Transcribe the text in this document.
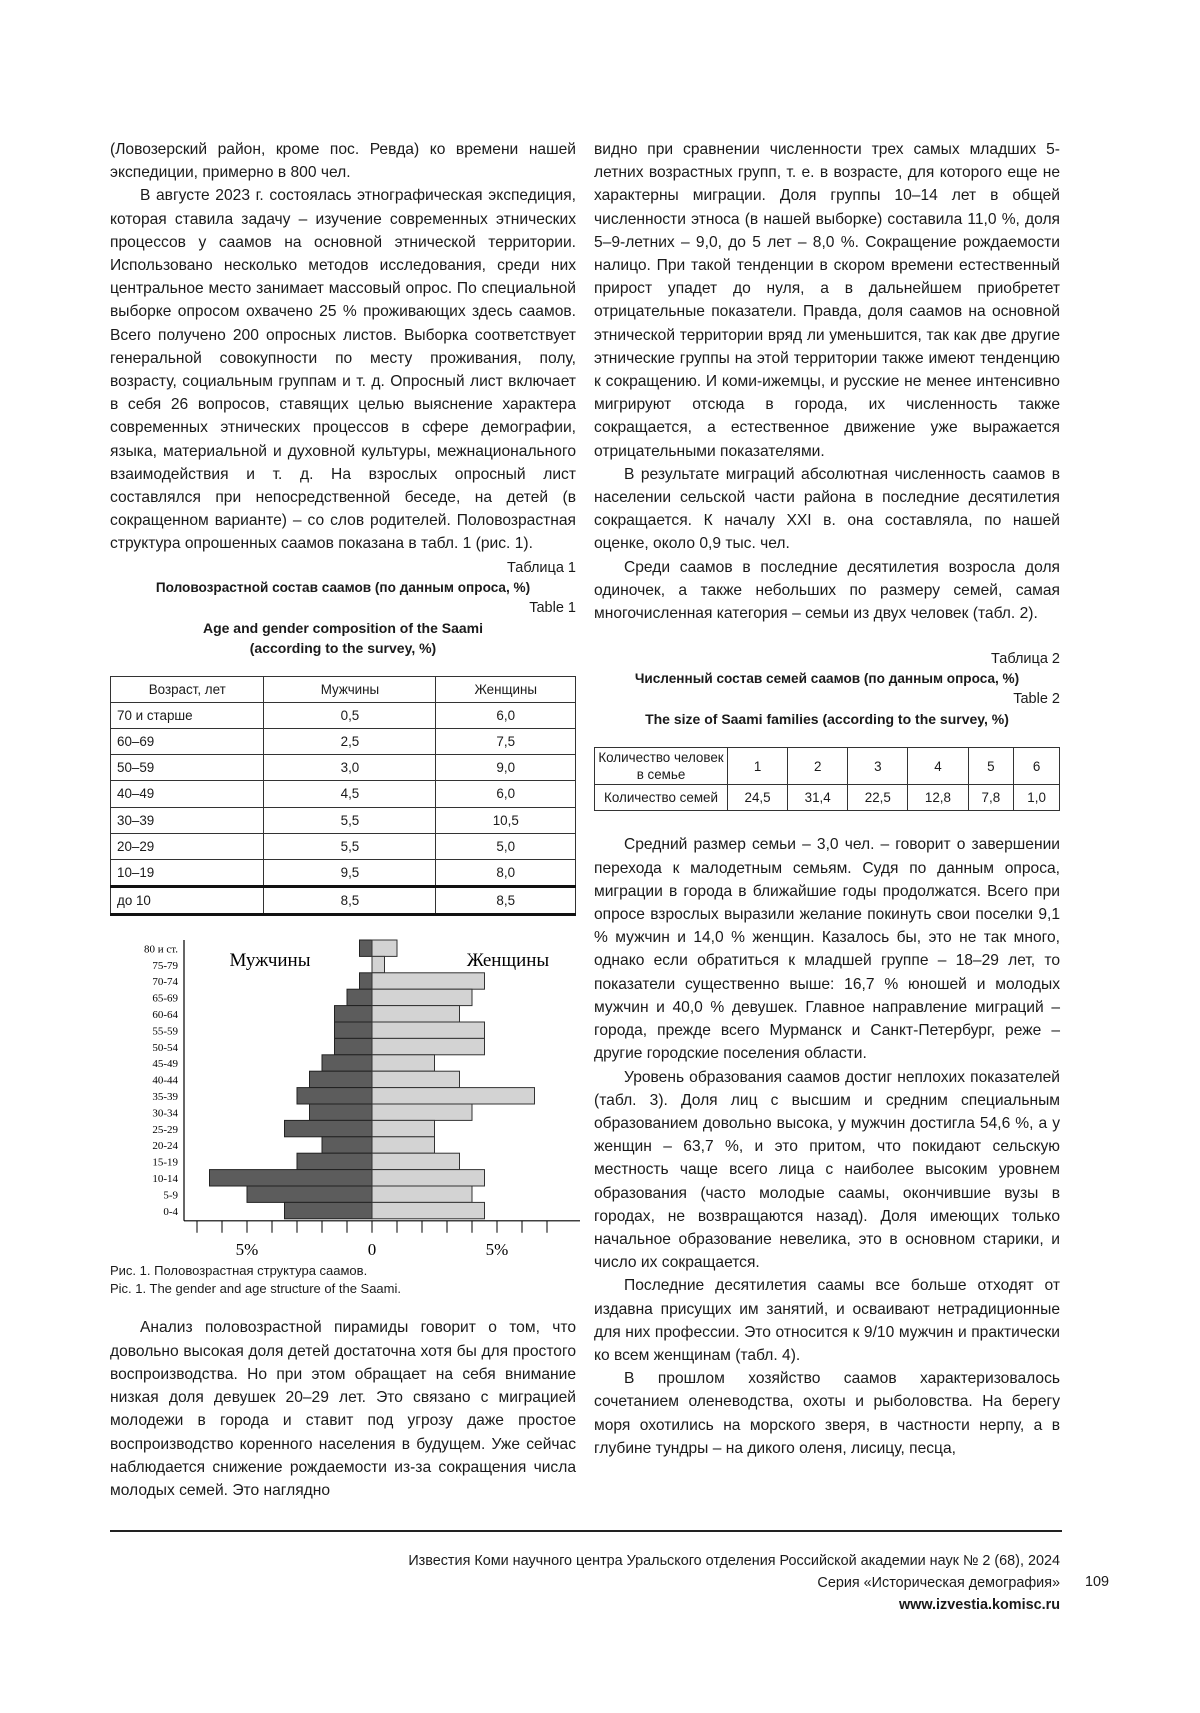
(Ловозерский район, кроме пос. Ревда) ко времени нашей экспедиции, примерно в 800 чел.

В августе 2023 г. состоялась этнографическая экспедиция, которая ставила задачу – изучение современных этнических процессов у саамов на основной этнической территории. Использовано несколько методов исследования, среди них центральное место занимает массовый опрос. По специальной выборке опросом охвачено 25 % проживающих здесь саамов. Всего получено 200 опросных листов. Выборка соответствует генеральной совокупности по месту проживания, полу, возрасту, социальным группам и т. д. Опросный лист включает в себя 26 вопросов, ставящих целью выяснение характера современных этнических процессов в сфере демографии, языка, материальной и духовной культуры, межнационального взаимодействия и т. д. На взрослых опросный лист составлялся при непосредственной беседе, на детей (в сокращенном варианте) – со слов родителей. Половозрастная структура опрошенных саамов показана в табл. 1 (рис. 1).

Таблица 1
Половозрастной состав саамов (по данным опроса, %)
Table 1
Age and gender composition of the Saami (according to the survey, %)
Возраст, лет	Мужчины	Женщины
70 и старше	0,5	6,0
60–69	2,5	7,5
50–59	3,0	9,0
40–49	4,5	6,0
30–39	5,5	10,5
20–29	5,5	5,0
10–19	9,5	8,0
до 10	8,5	8,5
5%	0	5%
80 и ст.
75-79
70-74
65-69
60-64
55-59
50-54
45-49
40-44
35-39
30-34
25-29
20-24
15-19
10-14
5-9
0-4
Мужчины	Женщины
Рис. 1. Половозрастная структура саамов.
Pic. 1. The gender and age structure of the Saami.

Анализ половозрастной пирамиды говорит о том, что довольно высокая доля детей достаточна хотя бы для простого воспроизводства. Но при этом обращает на себя внимание низкая доля девушек 20–29 лет. Это связано с миграцией молодежи в города и ставит под угрозу даже простое воспроизводство коренного населения в будущем. Уже сейчас наблюдается снижение рождаемости из-за сокращения числа молодых семей. Это наглядно

видно при сравнении численности трех самых младших 5-летних возрастных групп, т. е. в возрасте, для которого еще не характерны миграции. Доля группы 10–14 лет в общей численности этноса (в нашей выборке) составила 11,0 %, доля 5–9-летних – 9,0, до 5 лет – 8,0 %. Сокращение рождаемости налицо. При такой тенденции в скором времени естественный прирост упадет до нуля, а в дальнейшем приобретет отрицательные показатели. Правда, доля саамов на основной этнической территории вряд ли уменьшится, так как две другие этнические группы на этой территории также имеют тенденцию к сокращению. И коми-ижемцы, и русские не менее интенсивно мигрируют отсюда в города, их численность также сокращается, а естественное движение уже выражается отрицательными показателями.

В результате миграций абсолютная численность саамов в населении сельской части района в последние десятилетия сокращается. К началу XXI в. она составляла, по нашей оценке, около 0,9 тыс. чел.

Среди саамов в последние десятилетия возросла доля одиночек, а также небольших по размеру семей, самая многочисленная категория – семьи из двух человек (табл. 2).

Таблица 2
Численный состав семей саамов (по данным опроса, %)
Table 2
The size of Saami families (according to the survey, %)
Количество человек в семье	1	2	3	4	5	6
Количество семей	24,5	31,4	22,5	12,8	7,8	1,0

Средний размер семьи – 3,0 чел. – говорит о завершении перехода к малодетным семьям. Судя по данным опроса, миграции в города в ближайшие годы продолжатся. Всего при опросе взрослых выразили желание покинуть свои поселки 9,1 % мужчин и 14,0 % женщин. Казалось бы, это не так много, однако если обратиться к младшей группе – 18–29 лет, то показатели существенно выше: 16,7 % юношей и молодых мужчин и 40,0 % девушек. Главное направление миграций – города, прежде всего Мурманск и Санкт-Петербург, реже – другие городские поселения области.

Уровень образования саамов достиг неплохих показателей (табл. 3). Доля лиц с высшим и средним специальным образованием довольно высока, у мужчин достигла 54,6 %, а у женщин – 63,7 %, и это притом, что покидают сельскую местность чаще всего лица с наиболее высоким уровнем образования (часто молодые саамы, окончившие вузы в городах, не возвращаются назад). Доля имеющих только начальное образование невелика, это в основном старики, и число их сокращается.

Последние десятилетия саамы все больше отходят от издавна присущих им занятий, и осваивают нетрадиционные для них профессии. Это относится к 9/10 мужчин и практически ко всем женщинам (табл. 4).

В прошлом хозяйство саамов характеризовалось сочетанием оленеводства, охоты и рыболовства. На берегу моря охотились на морского зверя, в частности нерпу, а в глубине тундры – на дикого оленя, лисицу, песца,

Известия Коми научного центра Уральского отделения Российской академии наук № 2 (68), 2024
Серия «Историческая демография»
www.izvestia.komisc.ru
109
